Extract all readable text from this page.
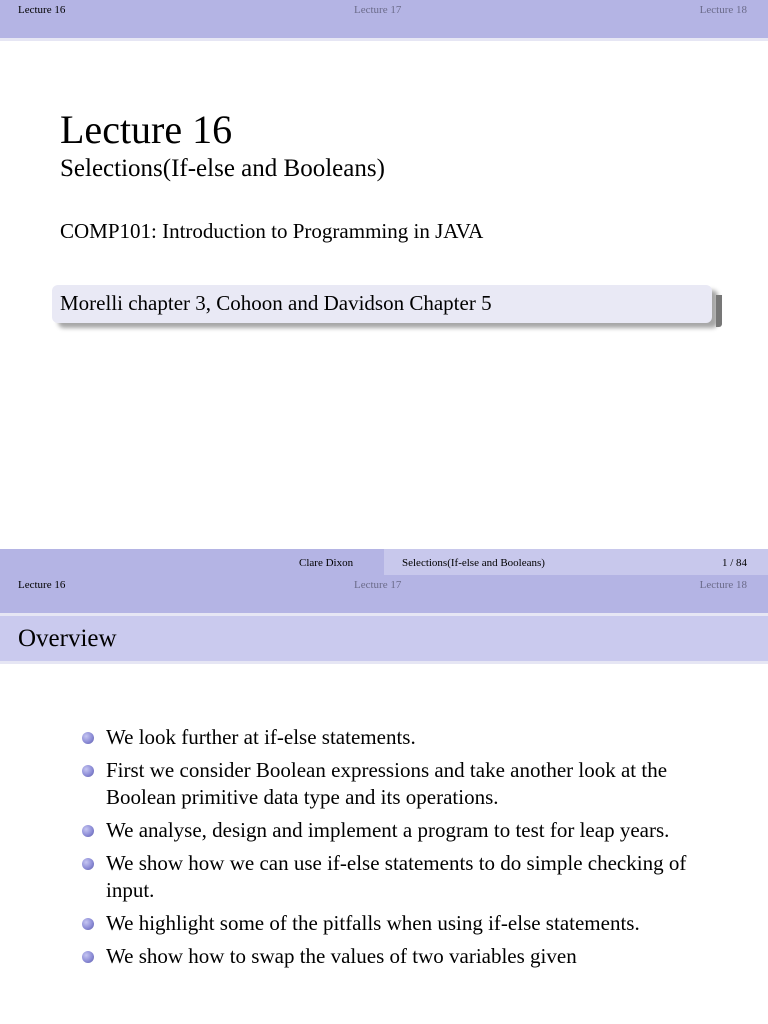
Lecture 16	Lecture 17	Lecture 18
Lecture 16
Selections(If-else and Booleans)
COMP101: Introduction to Programming in JAVA
Morelli chapter 3, Cohoon and Davidson Chapter 5
Clare Dixon	Selections(If-else and Booleans)	1 / 84
Lecture 16	Lecture 17	Lecture 18
Overview
We look further at if-else statements.
First we consider Boolean expressions and take another look at the Boolean primitive data type and its operations.
We analyse, design and implement a program to test for leap years.
We show how we can use if-else statements to do simple checking of input.
We highlight some of the pitfalls when using if-else statements.
We show how to swap the values of two variables given
